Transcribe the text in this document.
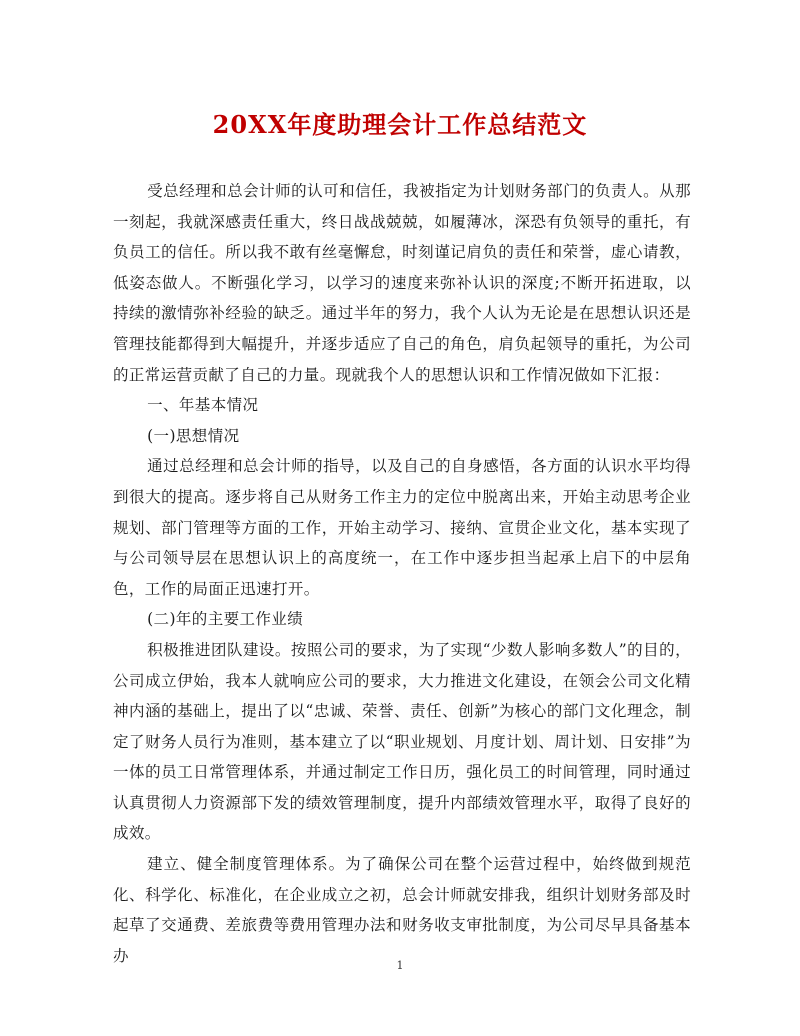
20XX年度助理会计工作总结范文

受总经理和总会计师的认可和信任，我被指定为计划财务部门的负责人。从那一刻起，我就深感责任重大，终日战战兢兢，如履薄冰，深恐有负领导的重托，有负员工的信任。所以我不敢有丝毫懈怠，时刻谨记肩负的责任和荣誉，虚心请教，低姿态做人。不断强化学习，以学习的速度来弥补认识的深度;不断开拓进取，以持续的激情弥补经验的缺乏。通过半年的努力，我个人认为无论是在思想认识还是管理技能都得到大幅提升，并逐步适应了自己的角色，肩负起领导的重托，为公司的正常运营贡献了自己的力量。现就我个人的思想认识和工作情况做如下汇报：

一、年基本情况

(一)思想情况

通过总经理和总会计师的指导，以及自己的自身感悟，各方面的认识水平均得到很大的提高。逐步将自己从财务工作主力的定位中脱离出来，开始主动思考企业规划、部门管理等方面的工作，开始主动学习、接纳、宣贯企业文化，基本实现了与公司领导层在思想认识上的高度统一，在工作中逐步担当起承上启下的中层角色，工作的局面正迅速打开。

(二)年的主要工作业绩

积极推进团队建设。按照公司的要求，为了实现“少数人影响多数人”的目的，公司成立伊始，我本人就响应公司的要求，大力推进文化建设，在领会公司文化精神内涵的基础上，提出了以“忠诚、荣誉、责任、创新”为核心的部门文化理念，制定了财务人员行为准则，基本建立了以“职业规划、月度计划、周计划、日安排”为一体的员工日常管理体系，并通过制定工作日历，强化员工的时间管理，同时通过认真贯彻人力资源部下发的绩效管理制度，提升内部绩效管理水平，取得了良好的成效。

建立、健全制度管理体系。为了确保公司在整个运营过程中，始终做到规范化、科学化、标准化，在企业成立之初，总会计师就安排我，组织计划财务部及时起草了交通费、差旅费等费用管理办法和财务收支审批制度，为公司尽早具备基本办

1
